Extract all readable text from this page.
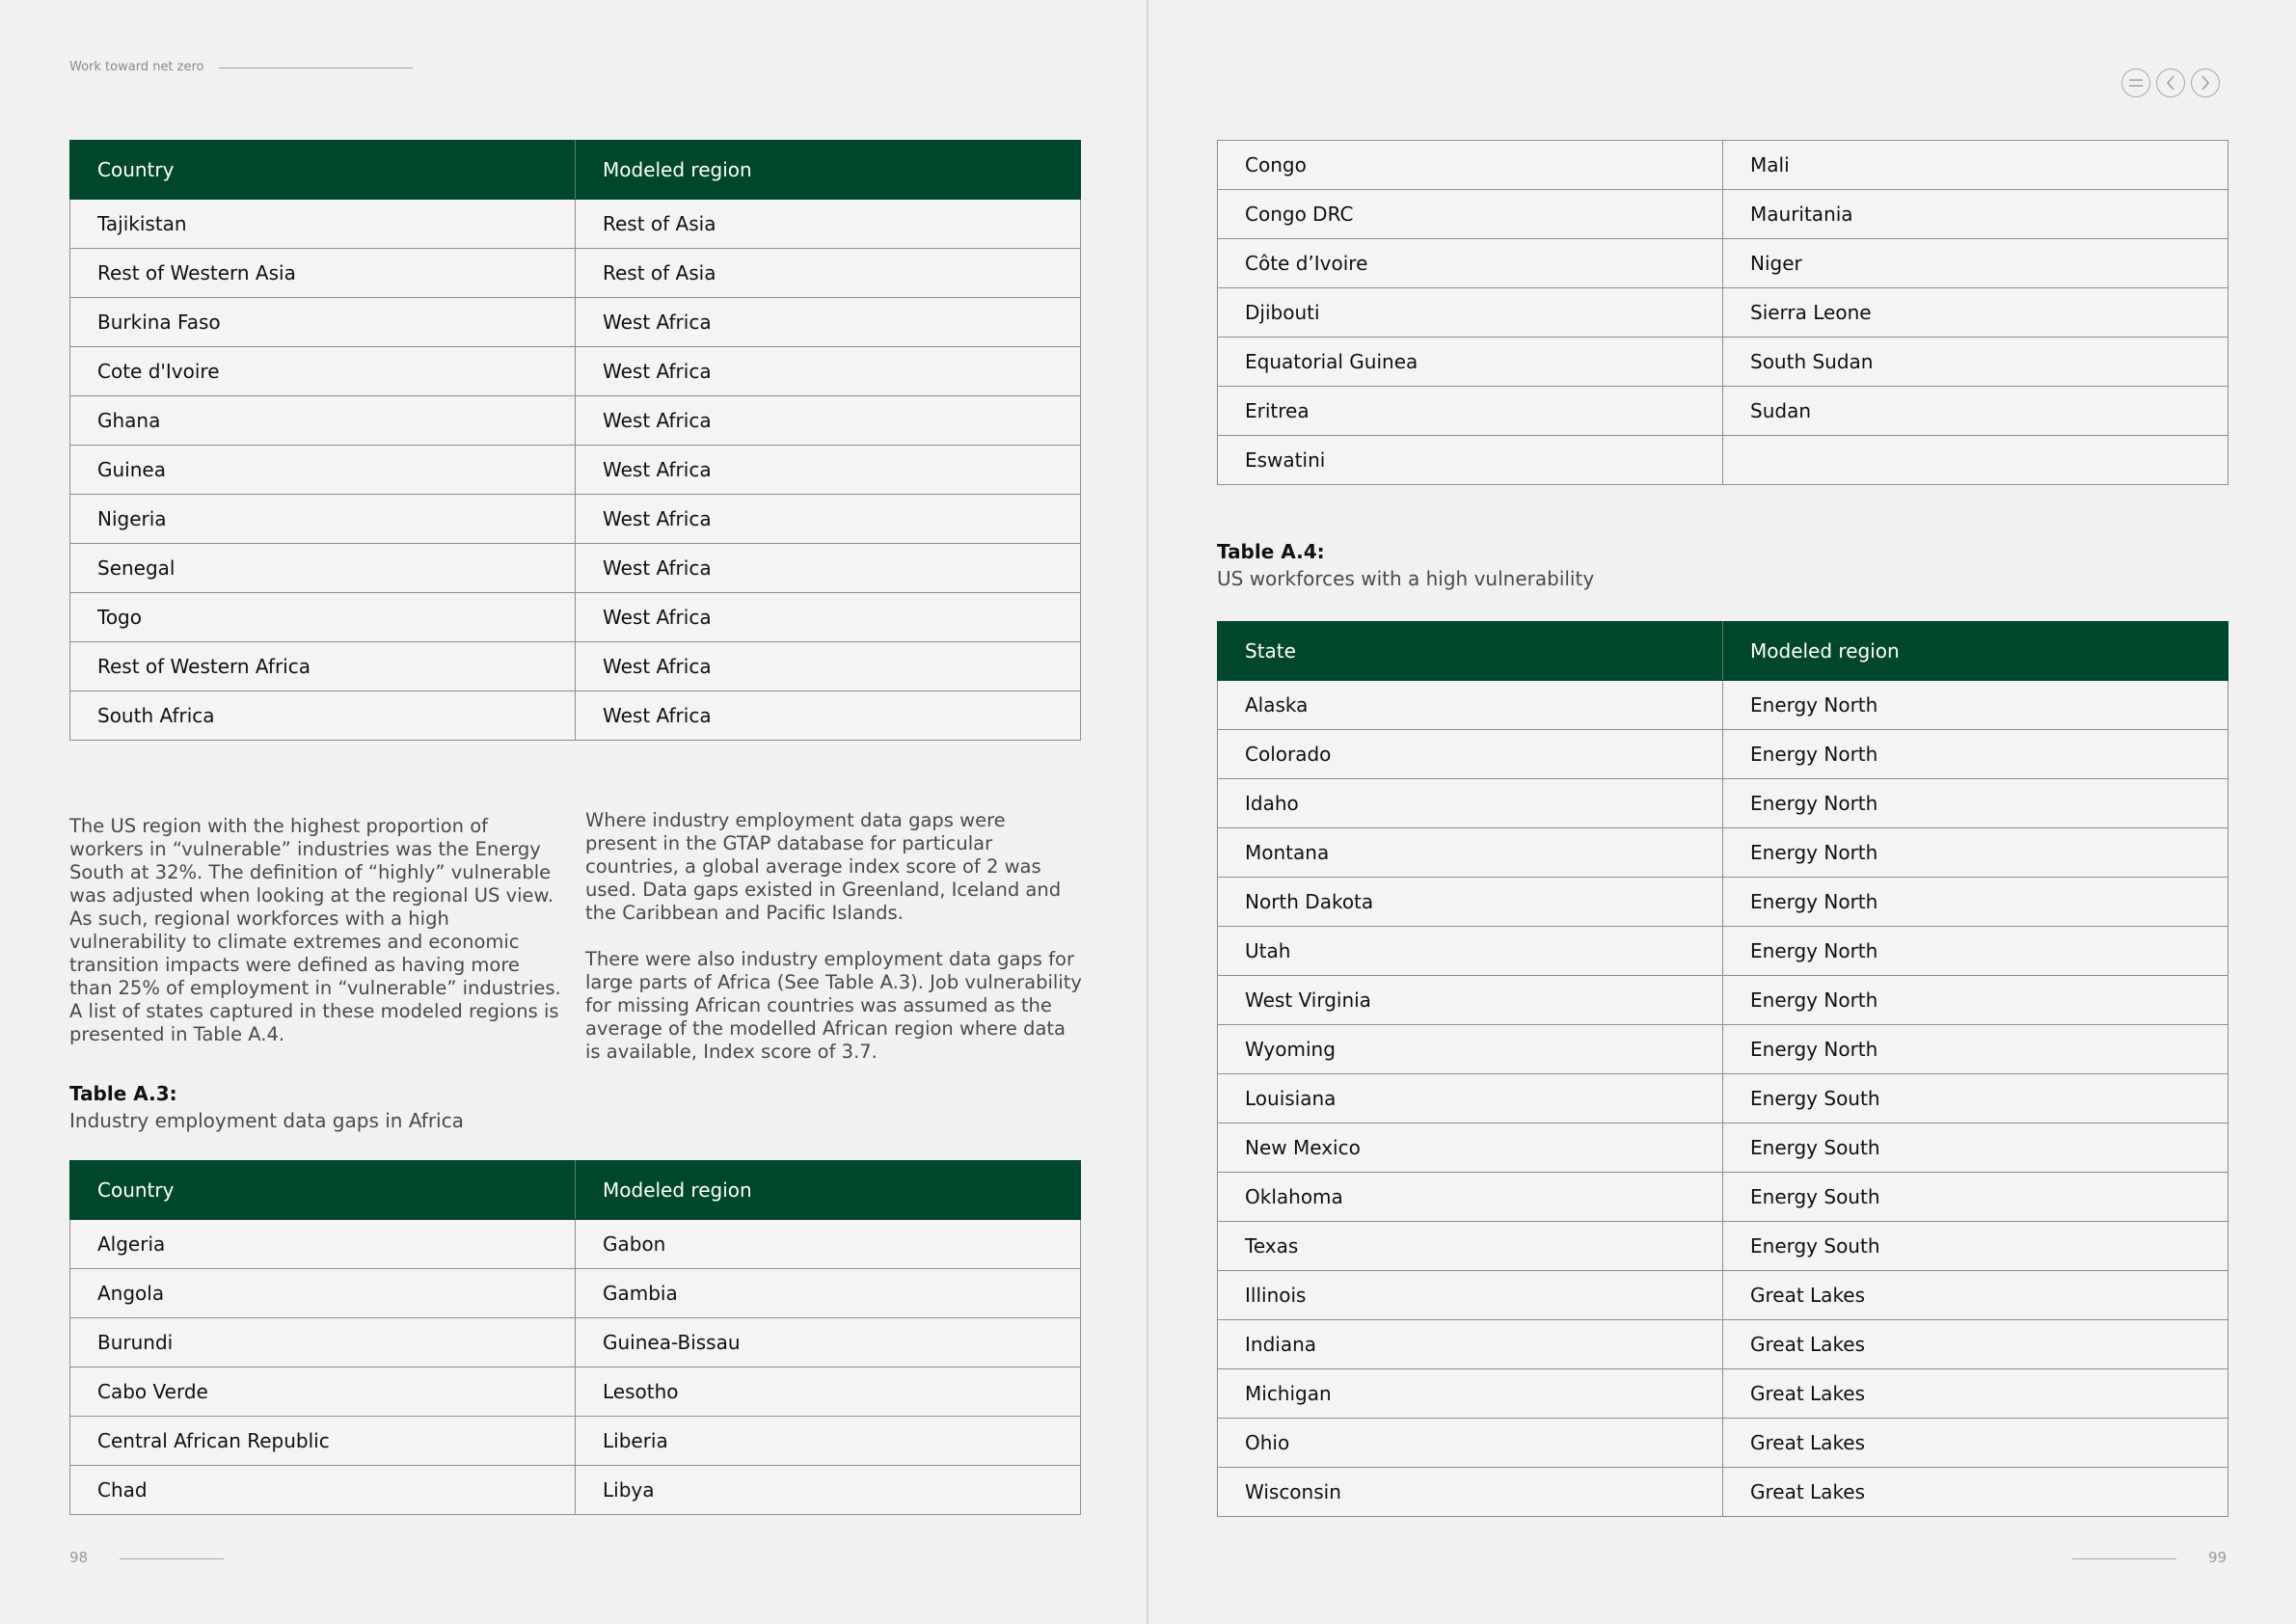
Work toward net zero
Country	Modeled region
Tajikistan	Rest of Asia
Rest of Western Asia	Rest of Asia
Burkina Faso	West Africa
Cote d'Ivoire	West Africa
Ghana	West Africa
Guinea	West Africa
Nigeria	West Africa
Senegal	West Africa
Togo	West Africa
Rest of Western Africa	West Africa
South Africa	West Africa

The US region with the highest proportion of workers in “vulnerable” industries was the Energy South at 32%. The definition of “highly” vulnerable was adjusted when looking at the regional US view. As such, regional workforces with a high vulnerability to climate extremes and economic transition impacts were defined as having more than 25% of employment in “vulnerable” industries. A list of states captured in these modeled regions is presented in Table A.4.

Where industry employment data gaps were present in the GTAP database for particular countries, a global average index score of 2 was used. Data gaps existed in Greenland, Iceland and the Caribbean and Pacific Islands.

There were also industry employment data gaps for large parts of Africa (See Table A.3). Job vulnerability for missing African countries was assumed as the average of the modelled African region where data is available, Index score of 3.7.

Table A.3:
Industry employment data gaps in Africa
Country	Modeled region
Algeria	Gabon
Angola	Gambia
Burundi	Guinea-Bissau
Cabo Verde	Lesotho
Central African Republic	Liberia
Chad	Libya
Congo	Mali
Congo DRC	Mauritania
Côte d’Ivoire	Niger
Djibouti	Sierra Leone
Equatorial Guinea	South Sudan
Eritrea	Sudan
Eswatini	
Table A.4:
US workforces with a high vulnerability
State	Modeled region
Alaska	Energy North
Colorado	Energy North
Idaho	Energy North
Montana	Energy North
North Dakota	Energy North
Utah	Energy North
West Virginia	Energy North
Wyoming	Energy North
Louisiana	Energy South
New Mexico	Energy South
Oklahoma	Energy South
Texas	Energy South
Illinois	Great Lakes
Indiana	Great Lakes
Michigan	Great Lakes
Ohio	Great Lakes
Wisconsin	Great Lakes
98	99
